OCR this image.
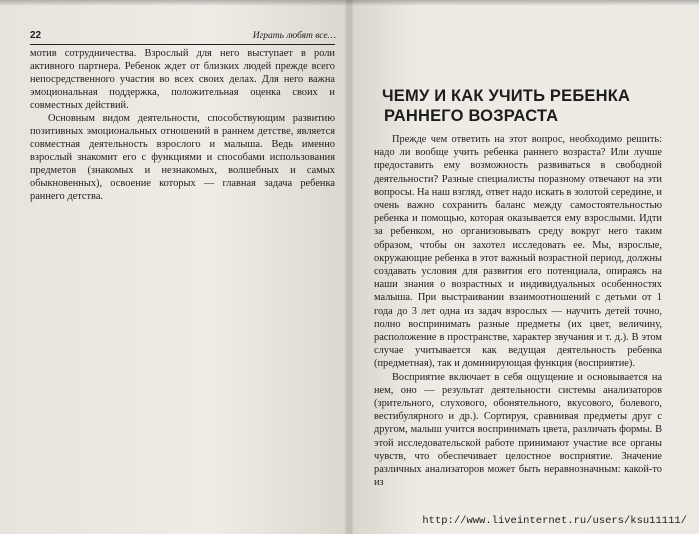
22	Играть любят все…

мотив сотрудничества. Взрослый для него выступает в роли активного партнера. Ребенок ждет от близких людей прежде всего непосредственного участия во всех своих делах. Для него важна эмоциональная поддержка, положительная оценка своих и совместных действий.

Основным видом деятельности, способствующим развитию позитивных эмоциональных отношений в раннем детстве, является совместная деятельность взрослого и малыша. Ведь именно взрослый знакомит его с функциями и способами использования предметов (знакомых и незнакомых, волшебных и самых обыкновенных), освоение которых — главная задача ребенка раннего детства.

ЧЕМУ И КАК УЧИТЬ РЕБЕНКА
РАННЕГО ВОЗРАСТА

Прежде чем ответить на этот вопрос, необходимо решить: надо ли вообще учить ребенка раннего возраста? Или лучше предоставить ему возможность развиваться в свободной деятельности? Разные специалисты поразному отвечают на эти вопросы. На наш взгляд, ответ надо искать в золотой середине, и очень важно сохранить баланс между самостоятельностью ребенка и помощью, которая оказывается ему взрослыми. Идти за ребенком, но организовывать среду вокруг него таким образом, чтобы он захотел исследовать ее. Мы, взрослые, окружающие ребенка в этот важный возрастной период, должны создавать условия для развития его потенциала, опираясь на наши знания о возрастных и индивидуальных особенностях малыша. При выстраивании взаимоотношений с детьми от 1 года до 3 лет одна из задач взрослых — научить детей точно, полно воспринимать разные предметы (их цвет, величину, расположение в пространстве, характер звучания и т. д.). В этом случае учитывается как ведущая деятельность ребенка (предметная), так и доминирующая функция (восприятие).

Восприятие включает в себя ощущение и основывается на нем, оно — результат деятельности системы анализаторов (зрительного, слухового, обонятельного, вкусового, болевого, вестибулярного и др.). Сортируя, сравнивая предметы друг с другом, малыш учится воспринимать цвета, различать формы. В этой исследовательской работе принимают участие все органы чувств, что обеспечивает целостное восприятие. Значение различных анализаторов может быть неравнозначным: какой-то из

http://www.liveinternet.ru/users/ksu11111/
